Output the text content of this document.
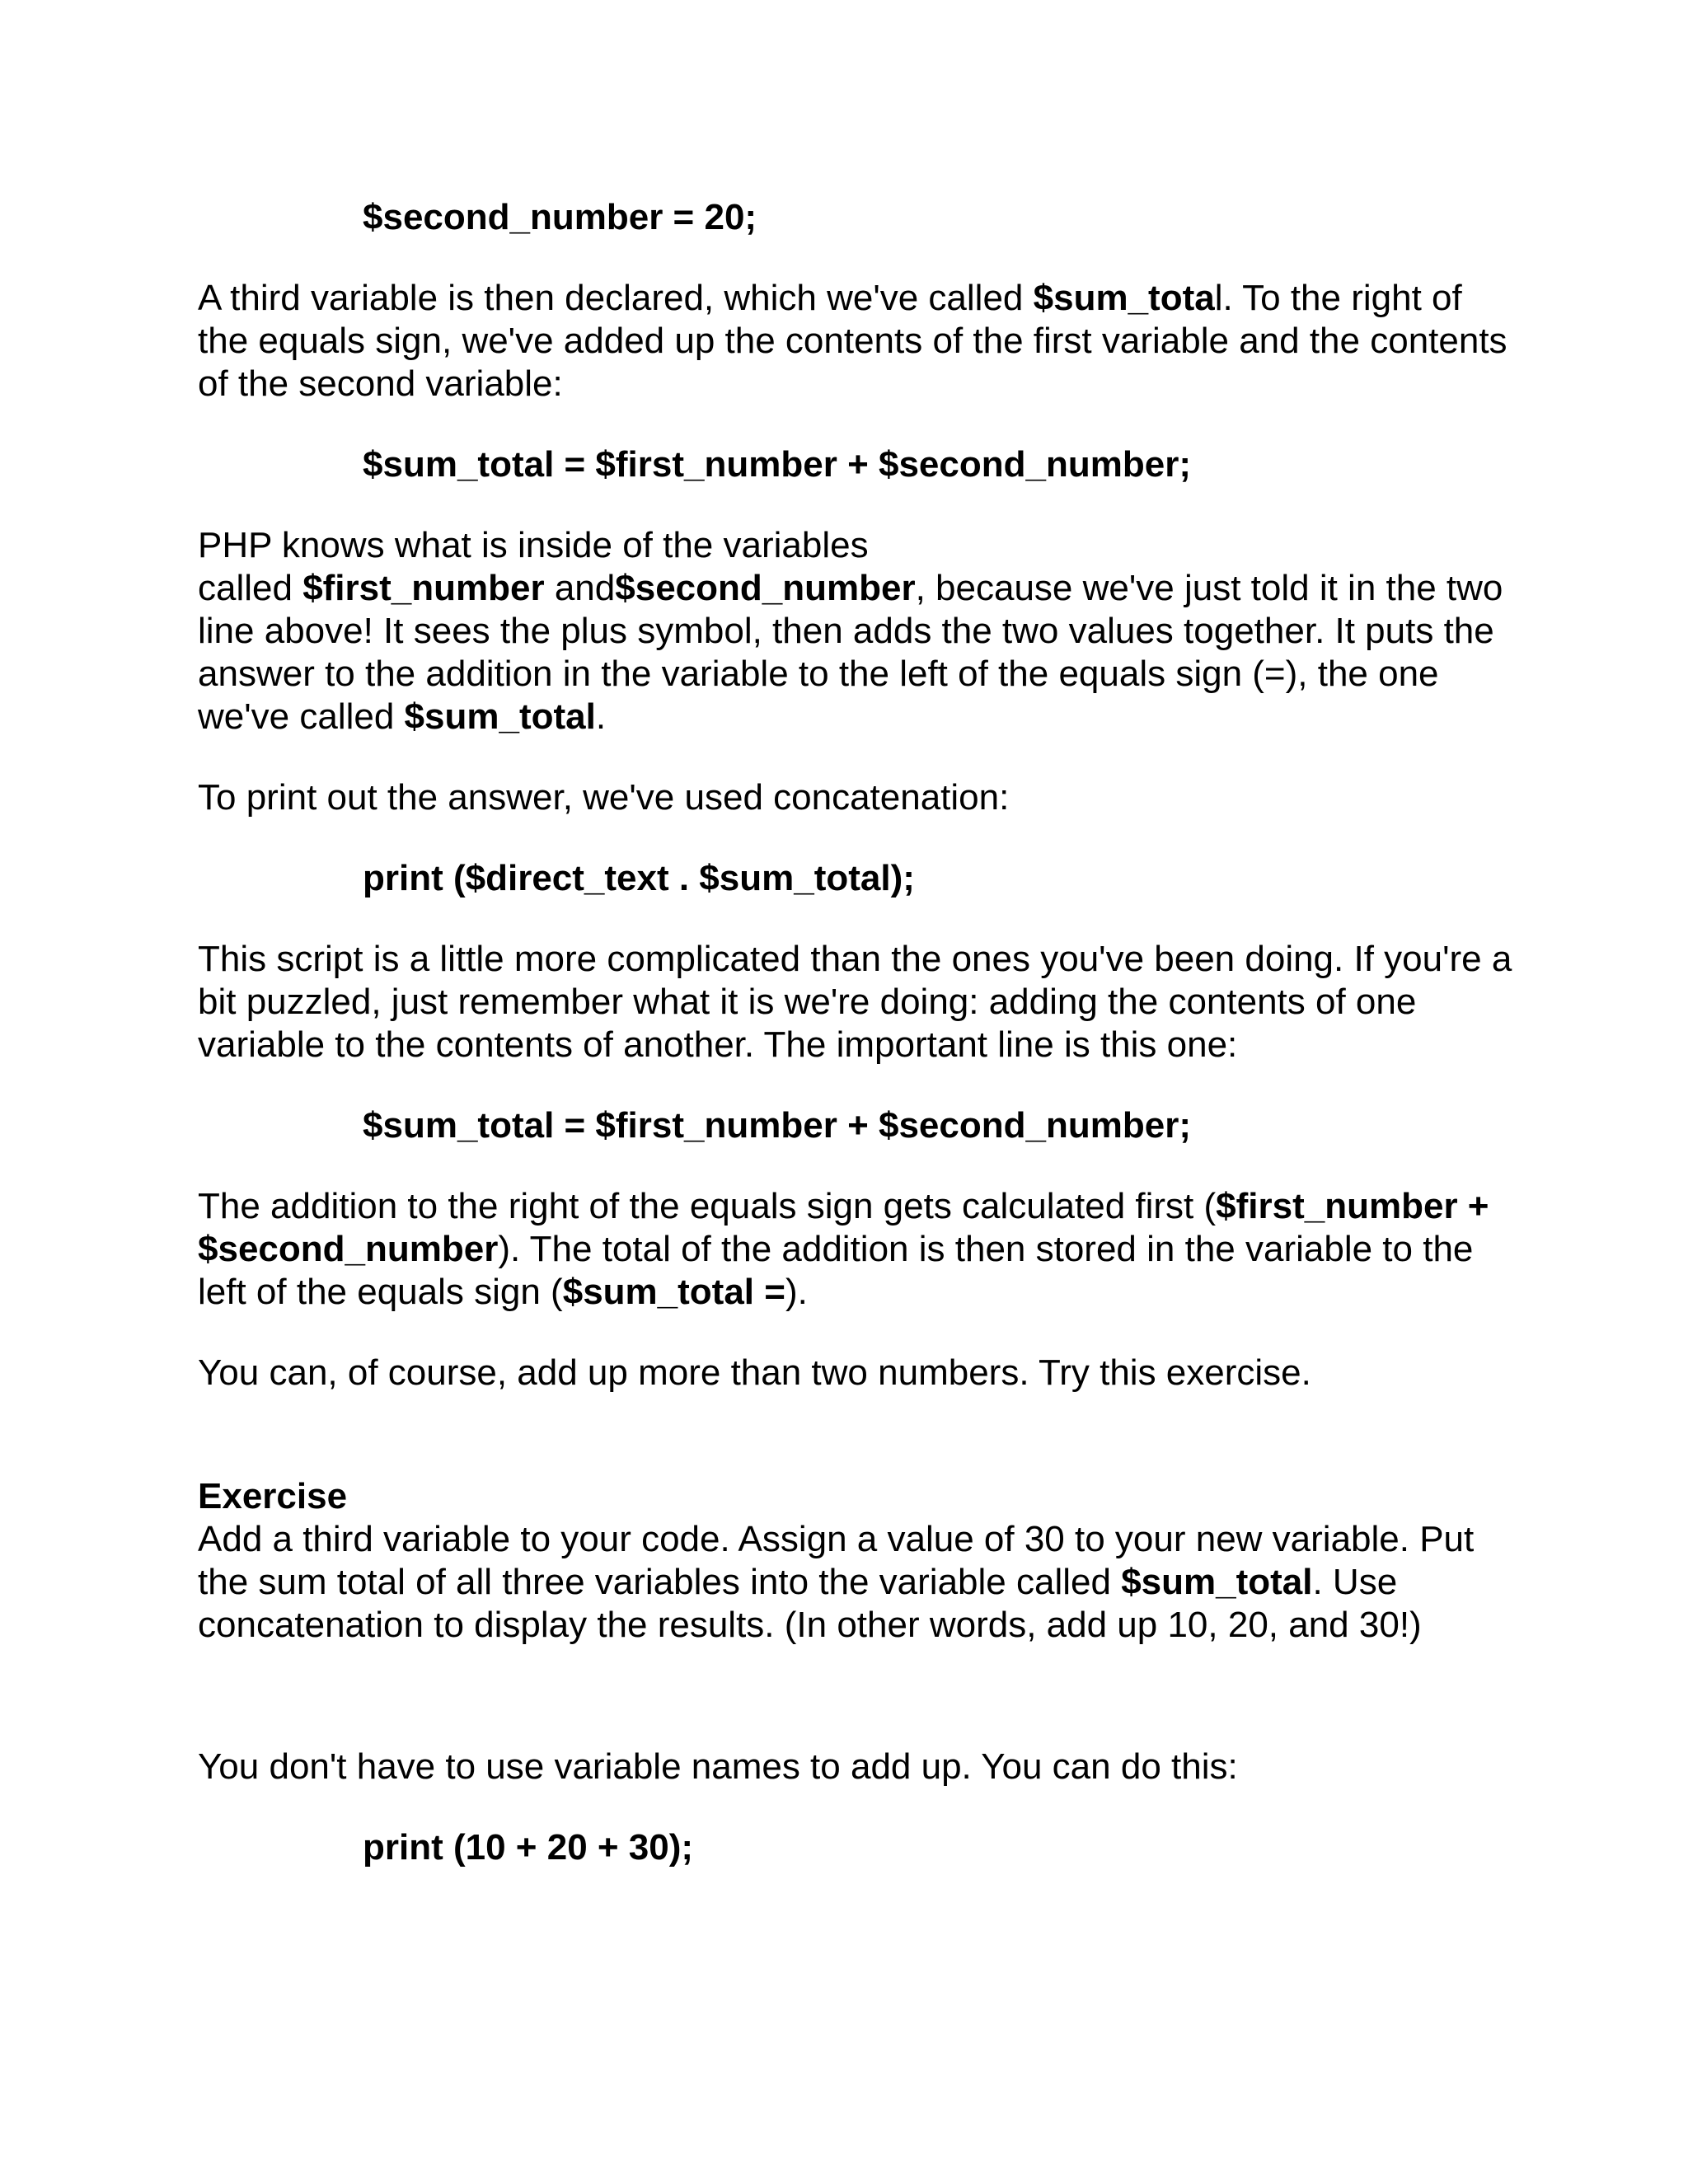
$second_number = 20;

A third variable is then declared, which we've called $sum_total. To the right of the equals sign, we've added up the contents of the first variable and the contents of the second variable:

$sum_total = $first_number + $second_number;

PHP knows what is inside of the variables
called $first_number and$second_number, because we've just told it in the two line above! It sees the plus symbol, then adds the two values together. It puts the answer to the addition in the variable to the left of the equals sign (=), the one we've called $sum_total.

To print out the answer, we've used concatenation:

print ($direct_text . $sum_total);

This script is a little more complicated than the ones you've been doing. If you're a bit puzzled, just remember what it is we're doing: adding the contents of one variable to the contents of another. The important line is this one:

$sum_total = $first_number + $second_number;

The addition to the right of the equals sign gets calculated first ($first_number + $second_number). The total of the addition is then stored in the variable to the left of the equals sign ($sum_total =).

You can, of course, add up more than two numbers. Try this exercise.

Exercise

Add a third variable to your code. Assign a value of 30 to your new variable. Put the sum total of all three variables into the variable called $sum_total. Use concatenation to display the results. (In other words, add up 10, 20, and 30!)

You don't have to use variable names to add up. You can do this:

print (10 + 20 + 30);
